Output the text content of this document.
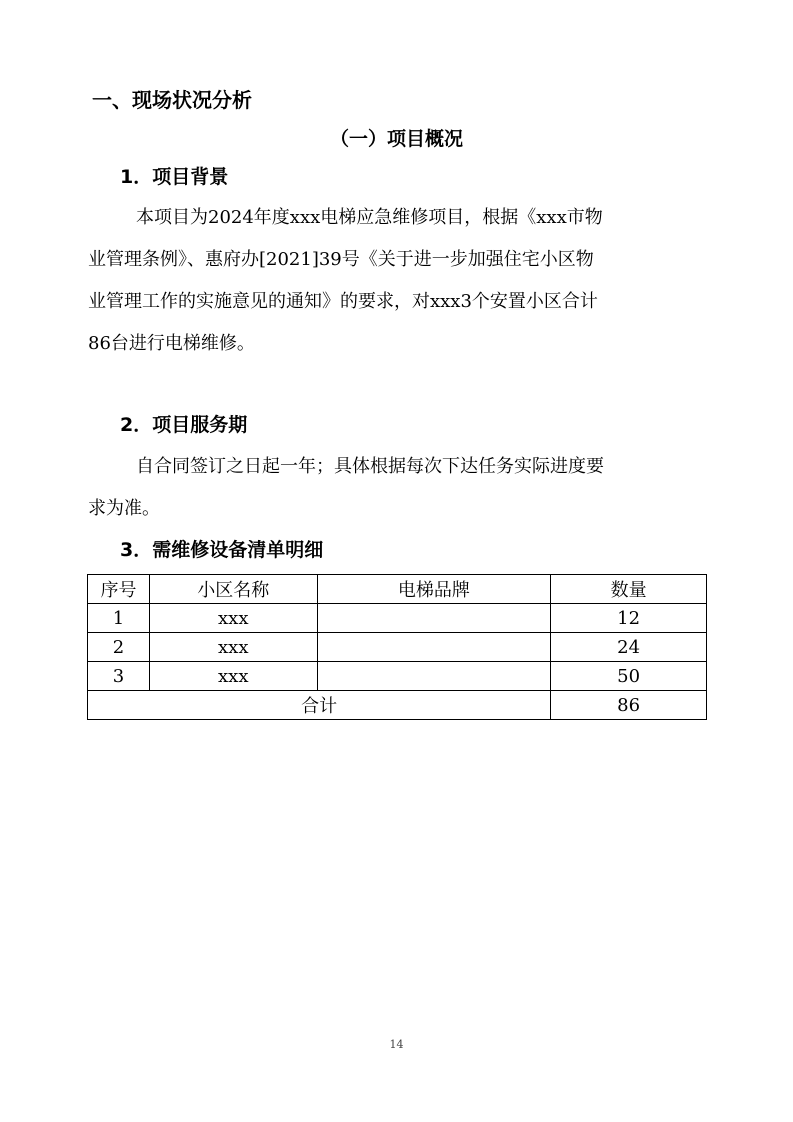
一、现场状况分析
（一）项目概况
1．项目背景
本项目为2024年度xxx电梯应急维修项目，根据《xxx市物
业管理条例》、惠府办[2021]39号《关于进一步加强住宅小区物
业管理工作的实施意见的通知》的要求，对xxx3个安置小区合计
86台进行电梯维修。
2．项目服务期
自合同签订之日起一年；具体根据每次下达任务实际进度要
求为准。
3．需维修设备清单明细
序号	小区名称	电梯品牌	数量
1	xxx		12
2	xxx		24
3	xxx		50
合计			86
14
